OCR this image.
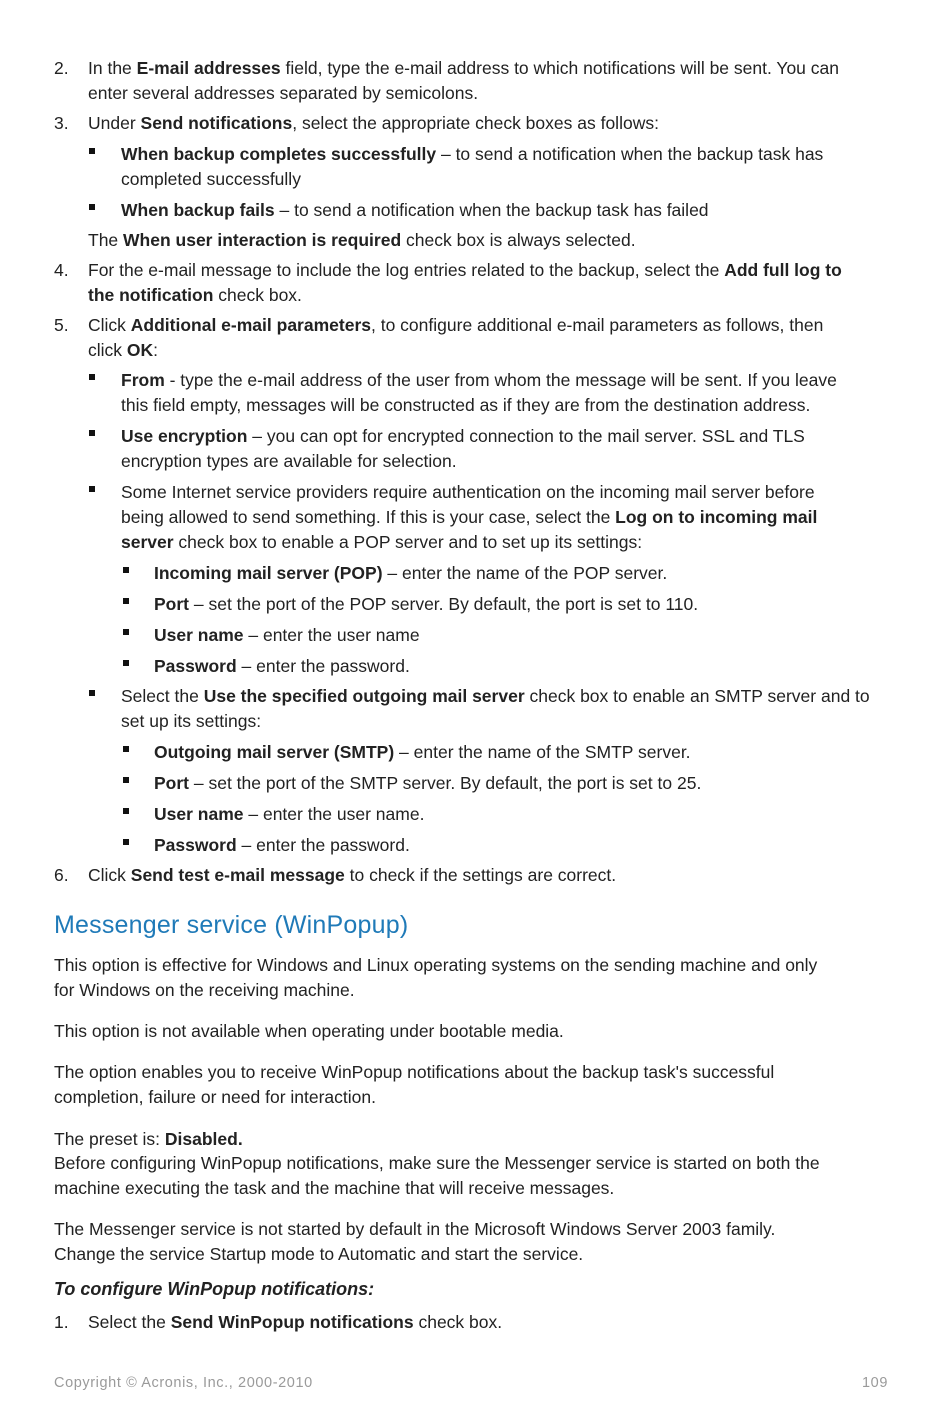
2. In the E-mail addresses field, type the e-mail address to which notifications will be sent. You can
enter several addresses separated by semicolons.
3. Under Send notifications, select the appropriate check boxes as follows:
When backup completes successfully – to send a notification when the backup task has
completed successfully
When backup fails – to send a notification when the backup task has failed
The When user interaction is required check box is always selected.
4. For the e-mail message to include the log entries related to the backup, select the Add full log to
the notification check box.
5. Click Additional e-mail parameters, to configure additional e-mail parameters as follows, then
click OK:
From - type the e-mail address of the user from whom the message will be sent. If you leave
this field empty, messages will be constructed as if they are from the destination address.
Use encryption – you can opt for encrypted connection to the mail server. SSL and TLS
encryption types are available for selection.
Some Internet service providers require authentication on the incoming mail server before
being allowed to send something. If this is your case, select the Log on to incoming mail
server check box to enable a POP server and to set up its settings:
Incoming mail server (POP) – enter the name of the POP server.
Port – set the port of the POP server. By default, the port is set to 110.
User name – enter the user name
Password – enter the password.
Select the Use the specified outgoing mail server check box to enable an SMTP server and to
set up its settings:
Outgoing mail server (SMTP) – enter the name of the SMTP server.
Port – set the port of the SMTP server. By default, the port is set to 25.
User name – enter the user name.
Password – enter the password.
6. Click Send test e-mail message to check if the settings are correct.
Messenger service (WinPopup)
This option is effective for Windows and Linux operating systems on the sending machine and only
for Windows on the receiving machine.
This option is not available when operating under bootable media.
The option enables you to receive WinPopup notifications about the backup task's successful
completion, failure or need for interaction.
The preset is: Disabled.
Before configuring WinPopup notifications, make sure the Messenger service is started on both the
machine executing the task and the machine that will receive messages.
The Messenger service is not started by default in the Microsoft Windows Server 2003 family.
Change the service Startup mode to Automatic and start the service.
To configure WinPopup notifications:
1. Select the Send WinPopup notifications check box.
Copyright © Acronis, Inc., 2000-2010	109
